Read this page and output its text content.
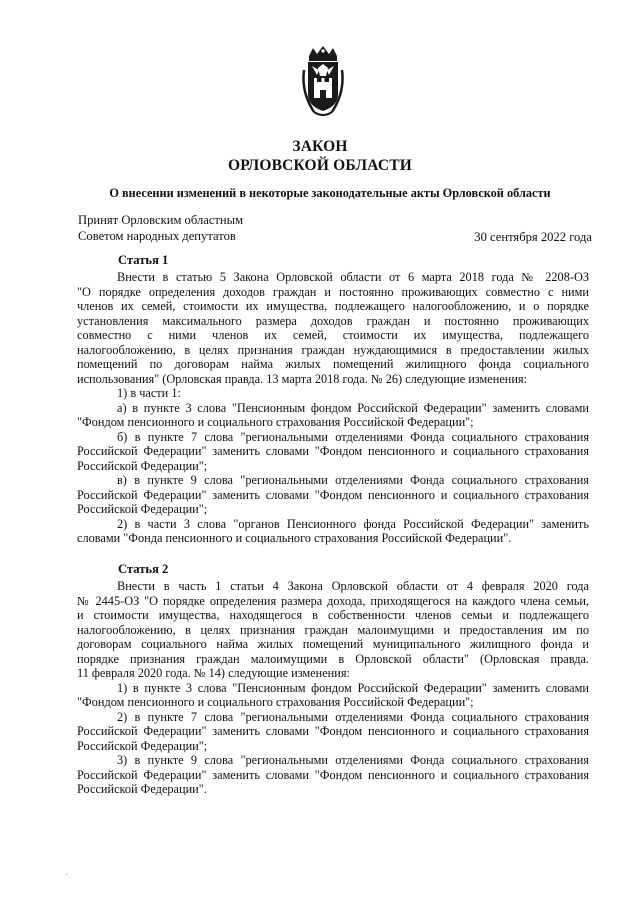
ЗАКОН
ОРЛОВСКОЙ ОБЛАСТИ
О внесении изменений в некоторые законодательные акты Орловской области
Принят Орловским областным
Советом народных депутатов	30 сентября 2022 года
Статья 1
Внести в статью 5 Закона Орловской области от 6 марта 2018 года № 2208-ОЗ
"О порядке определения доходов граждан и постоянно проживающих совместно с ними
членов их семей, стоимости их имущества, подлежащего налогообложению, и о порядке
установления максимального размера доходов граждан и постоянно проживающих
совместно с ними членов их семей, стоимости их имущества, подлежащего
налогообложению, в целях признания граждан нуждающимися в предоставлении жилых
помещений по договорам найма жилых помещений жилищного фонда социального
использования" (Орловская правда. 13 марта 2018 года. № 26) следующие изменения:
1) в части 1:
а) в пункте 3 слова "Пенсионным фондом Российской Федерации" заменить словами
"Фондом пенсионного и социального страхования Российской Федерации";
б) в пункте 7 слова "региональными отделениями Фонда социального страхования
Российской Федерации" заменить словами "Фондом пенсионного и социального страхования
Российской Федерации";
в) в пункте 9 слова "региональными отделениями Фонда социального страхования
Российской Федерации" заменить словами "Фондом пенсионного и социального страхования
Российской Федерации";
2) в части 3 слова "органов Пенсионного фонда Российской Федерации" заменить
словами "Фонда пенсионного и социального страхования Российской Федерации".
Статья 2
Внести в часть 1 статьи 4 Закона Орловской области от 4 февраля 2020 года
№ 2445-ОЗ "О порядке определения размера дохода, приходящегося на каждого члена семьи,
и стоимости имущества, находящегося в собственности членов семьи и подлежащего
налогообложению, в целях признания граждан малоимущими и предоставления им по
договорам социального найма жилых помещений муниципального жилищного фонда и
порядке признания граждан малоимущими в Орловской области" (Орловская правда.
11 февраля 2020 года. № 14) следующие изменения:
1) в пункте 3 слова "Пенсионным фондом Российской Федерации" заменить словами
"Фондом пенсионного и социального страхования Российской Федерации";
2) в пункте 7 слова "региональными отделениями Фонда социального страхования
Российской Федерации" заменить словами "Фондом пенсионного и социального страхования
Российской Федерации";
3) в пункте 9 слова "региональными отделениями Фонда социального страхования
Российской Федерации" заменить словами "Фондом пенсионного и социального страхования
Российской Федерации".
'
